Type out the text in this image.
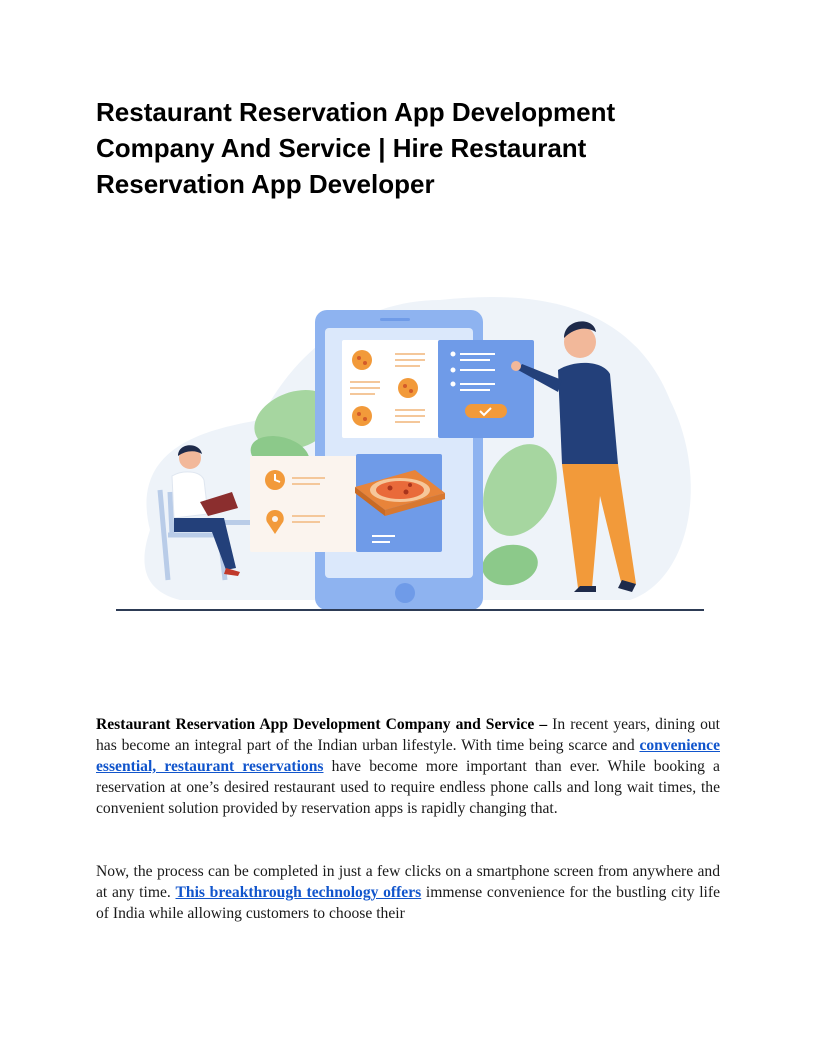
Restaurant Reservation App Development Company And Service | Hire Restaurant Reservation App Developer

Restaurant Reservation App Development Company and Service – In recent years, dining out has become an integral part of the Indian urban lifestyle. With time being scarce and convenience essential, restaurant reservations have become more important than ever. While booking a reservation at one’s desired restaurant used to require endless phone calls and long wait times, the convenient solution provided by reservation apps is rapidly changing that.

Now, the process can be completed in just a few clicks on a smartphone screen from anywhere and at any time. This breakthrough technology offers immense convenience for the bustling city life of India while allowing customers to choose their
